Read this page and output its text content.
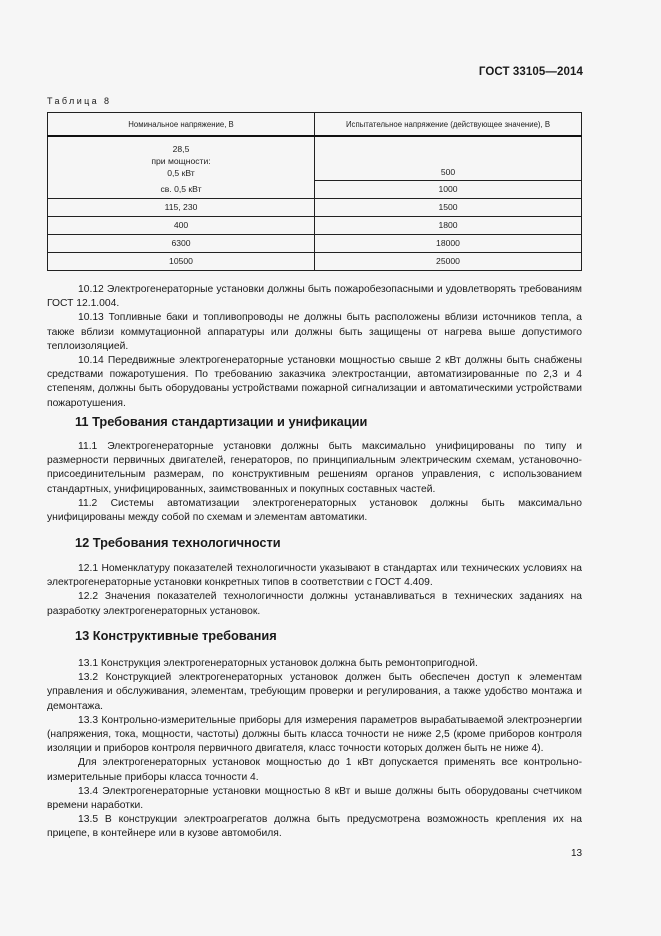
ГОСТ 33105—2014
Таблица 8
Номинальное напряжение, В	Испытательное напряжение (действующее значение), В

28,5
при мощности:
0,5 кВт	500
св. 0,5 кВт	1000
115, 230	1500
400	1800
6300	18000
10500	25000

10.12 Электрогенераторные установки должны быть пожаробезопасными и удовлетворять требованиям ГОСТ 12.1.004.

10.13 Топливные баки и топливопроводы не должны быть расположены вблизи источников тепла, а также вблизи коммутационной аппаратуры или должны быть защищены от нагрева выше допустимого теплоизоляцией.

10.14 Передвижные электрогенераторные установки мощностью свыше 2 кВт должны быть снабжены средствами пожаротушения. По требованию заказчика электростанции, автоматизированные по 2,3 и 4 степеням, должны быть оборудованы устройствами пожарной сигнализации и автоматическими устройствами пожаротушения.

11 Требования стандартизации и унификации

11.1 Электрогенераторные установки должны быть максимально унифицированы по типу и размерности первичных двигателей, генераторов, по принципиальным электрическим схемам, установочно-присоединительным размерам, по конструктивным решениям органов управления, с использованием стандартных, унифицированных, заимствованных и покупных составных частей.

11.2 Системы автоматизации электрогенераторных установок должны быть максимально унифицированы между собой по схемам и элементам автоматики.

12 Требования технологичности

12.1 Номенклатуру показателей технологичности указывают в стандартах или технических условиях на электрогенераторные установки конкретных типов в соответствии с ГОСТ 4.409.

12.2 Значения показателей технологичности должны устанавливаться в технических заданиях на разработку электрогенераторных установок.

13 Конструктивные требования

13.1 Конструкция электрогенераторных установок должна быть ремонтопригодной.

13.2 Конструкцией электрогенераторных установок должен быть обеспечен доступ к элементам управления и обслуживания, элементам, требующим проверки и регулирования, а также удобство монтажа и демонтажа.

13.3 Контрольно-измерительные приборы для измерения параметров вырабатываемой электроэнергии (напряжения, тока, мощности, частоты) должны быть класса точности не ниже 2,5 (кроме приборов контроля изоляции и приборов контроля первичного двигателя, класс точности которых должен быть не ниже 4).

Для электрогенераторных установок мощностью до 1 кВт допускается применять все контрольно-измерительные приборы класса точности 4.

13.4 Электрогенераторные установки мощностью 8 кВт и выше должны быть оборудованы счетчиком времени наработки.

13.5 В конструкции электроагрегатов должна быть предусмотрена возможность крепления их на прицепе, в контейнере или в кузове автомобиля.

13
